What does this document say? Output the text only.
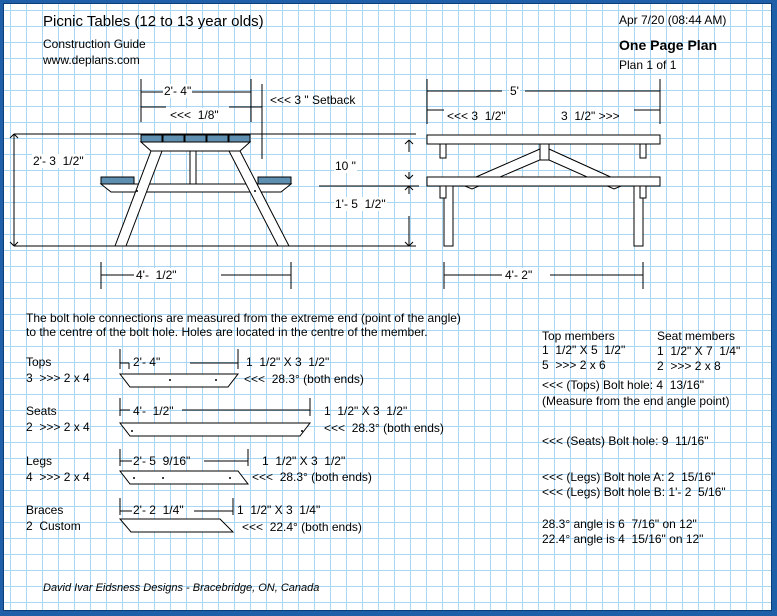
Picnic Tables (12 to 13 year olds)
Construction Guide
www.deplans.com
Apr 7/20 (08:44 AM)
One Page Plan
Plan 1 of 1
2'- 4"
<<<  1/8"
<<< 3 " Setback
2'- 3  1/2"
4'-  1/2"
5'
<<< 3  1/2"	3  1/2" >>>
10 "
1'- 5  1/2"
4'- 2"
The bolt hole connections are measured from the extreme end (point of the angle)
to the centre of the bolt hole. Holes are located in the centre of the member.
Tops
3  >>> 2 x 4
2'- 4"	1  1/2" X 3  1/2"
<<<  28.3° (both ends)
Seats
2  >>> 2 x 4
4'-  1/2"	1  1/2" X 3  1/2"
<<<  28.3° (both ends)
Legs
4  >>> 2 x 4
2'- 5  9/16"	1  1/2" X 3  1/2"
<<<  28.3° (both ends)
Braces
2  Custom
2'- 2  1/4"	1  1/2" X 3  1/4"
<<<  22.4° (both ends)
Top members
1  1/2" X 5  1/2"
5  >>> 2 x 6
Seat members
1  1/2" X 7  1/4"
2  >>> 2 x 8
<<< (Tops) Bolt hole: 4  13/16"
(Measure from the end angle point)
<<< (Seats) Bolt hole: 9  11/16"
<<< (Legs) Bolt hole A: 2  15/16"
<<< (Legs) Bolt hole B: 1'- 2  5/16"
28.3° angle is 6  7/16" on 12"
22.4° angle is 4  15/16" on 12"
David Ivar Eidsness Designs - Bracebridge, ON, Canada
